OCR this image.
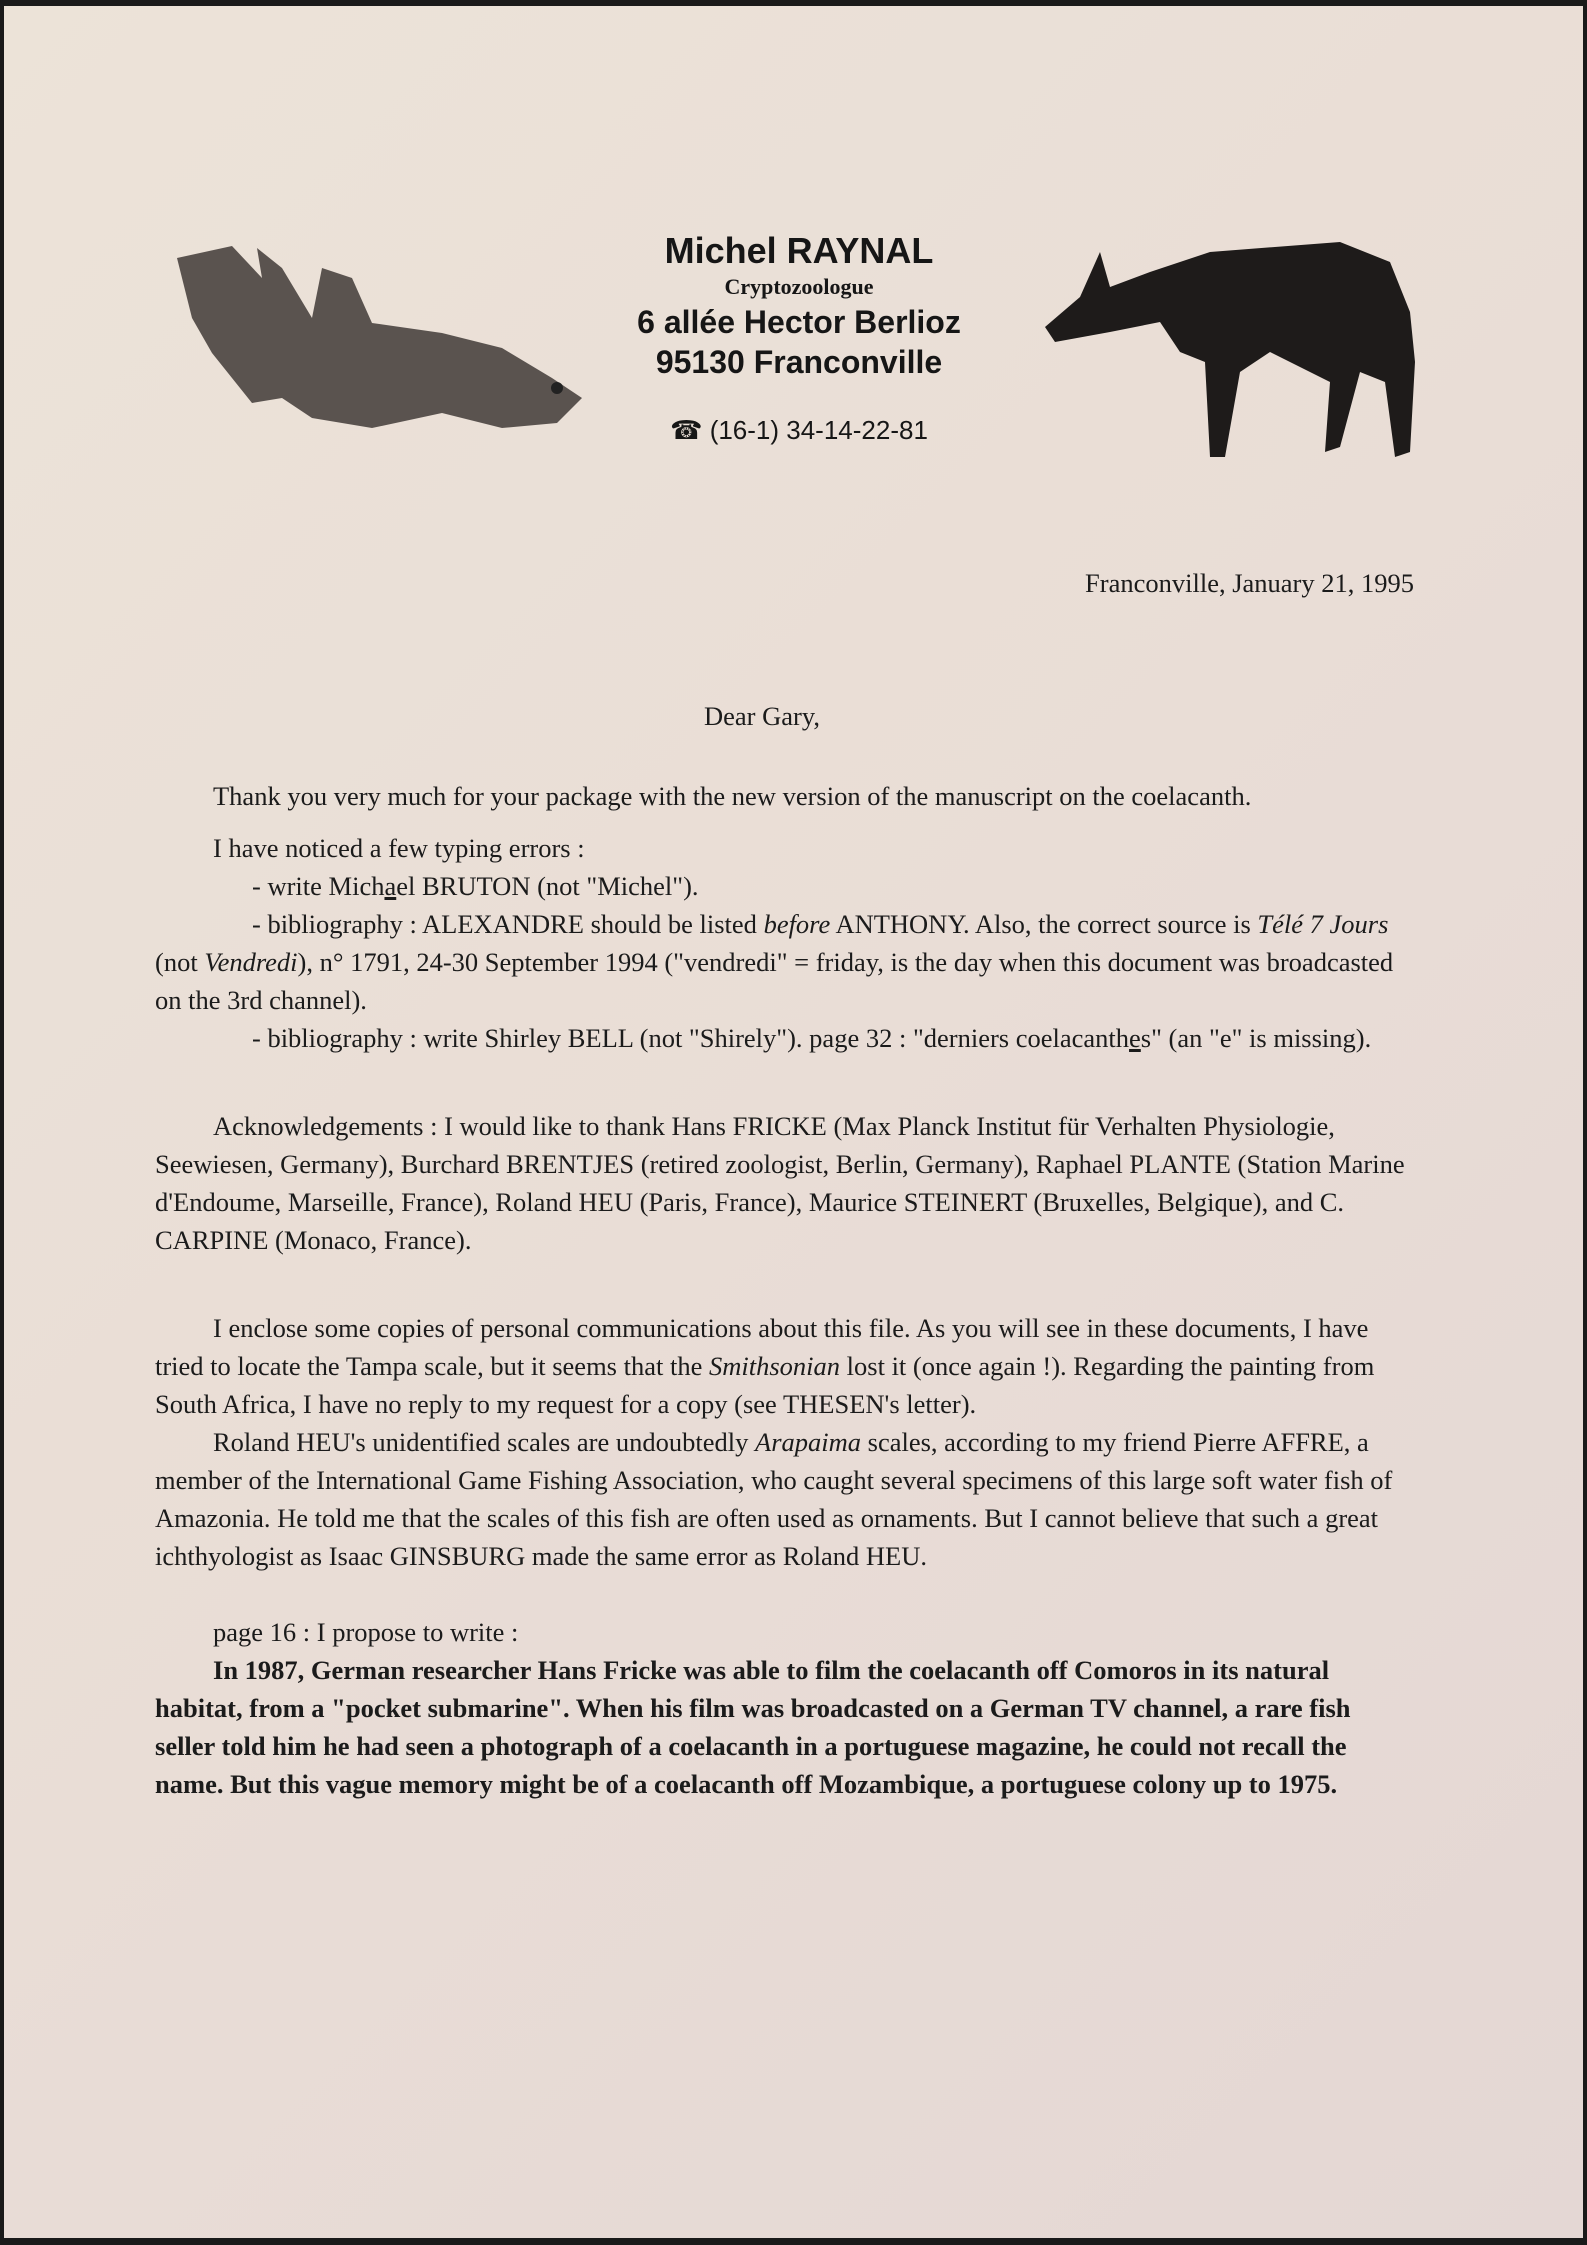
Michel RAYNAL
Cryptozoologue
6 allée Hector Berlioz
95130 Franconville
☎ (16-1) 34-14-22-81
Franconville, January 21, 1995
Dear Gary,
Thank you very much for your package with the new version of the manuscript on the coelacanth.
I have noticed a few typing errors :
- write Michael BRUTON (not "Michel").
- bibliography : ALEXANDRE should be listed before ANTHONY. Also, the correct source is Télé 7 Jours (not Vendredi), n° 1791, 24-30 September 1994 ("vendredi" = friday, is the day when this document was broadcasted on the 3rd channel).
- bibliography : write Shirley BELL (not "Shirely"). page 32 : "derniers coelacanthes" (an "e" is missing).
Acknowledgements : I would like to thank Hans FRICKE (Max Planck Institut für Verhalten Physiologie, Seewiesen, Germany), Burchard BRENTJES (retired zoologist, Berlin, Germany), Raphael PLANTE (Station Marine d'Endoume, Marseille, France), Roland HEU (Paris, France), Maurice STEINERT (Bruxelles, Belgique), and C. CARPINE (Monaco, France).
I enclose some copies of personal communications about this file. As you will see in these documents, I have tried to locate the Tampa scale, but it seems that the Smithsonian lost it (once again !). Regarding the painting from South Africa, I have no reply to my request for a copy (see THESEN's letter).
Roland HEU's unidentified scales are undoubtedly Arapaima scales, according to my friend Pierre AFFRE, a member of the International Game Fishing Association, who caught several specimens of this large soft water fish of Amazonia. He told me that the scales of this fish are often used as ornaments. But I cannot believe that such a great ichthyologist as Isaac GINSBURG made the same error as Roland HEU.
page 16 : I propose to write :
In 1987, German researcher Hans Fricke was able to film the coelacanth off Comoros in its natural habitat, from a "pocket submarine". When his film was broadcasted on a German TV channel, a rare fish seller told him he had seen a photograph of a coelacanth in a portuguese magazine, he could not recall the name. But this vague memory might be of a coelacanth off Mozambique, a portuguese colony up to 1975.
